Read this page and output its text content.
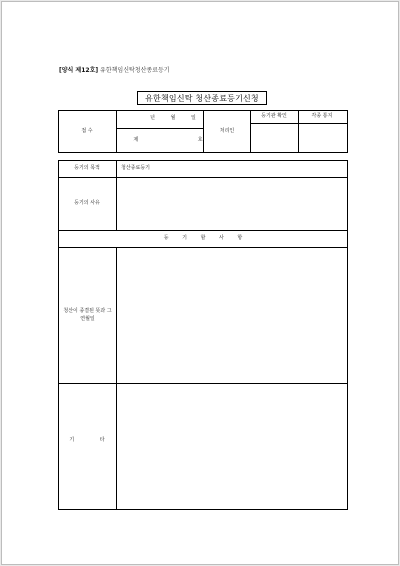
[양식 제12호] 유한책임신탁청산종료등기
유한책임신탁 청산종료등기신청
접 수
년 월 일
제 호
처리인
등기관 확인	각종 통지
등기의 목적	청산종료등기
등기의 사유
등 기 할 사 항
청산이 종결된 뜻과 그 연월일
기 타
